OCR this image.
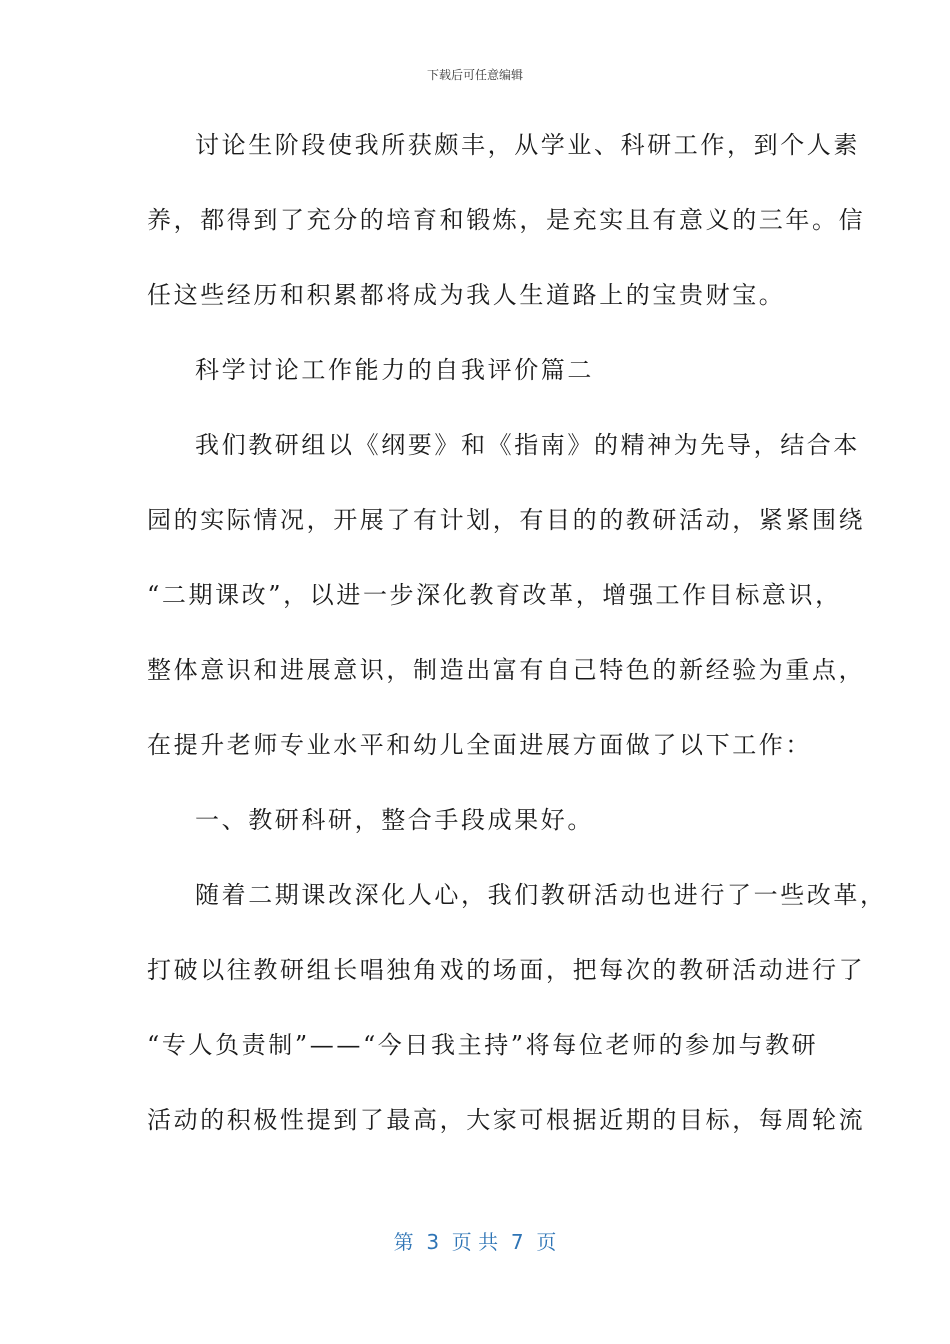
下载后可任意编辑
讨论生阶段使我所获颇丰，从学业、科研工作，到个人素
养，都得到了充分的培育和锻炼，是充实且有意义的三年。信
任这些经历和积累都将成为我人生道路上的宝贵财宝。
科学讨论工作能力的自我评价篇二
我们教研组以《纲要》和《指南》的精神为先导，结合本
园的实际情况，开展了有计划，有目的的教研活动，紧紧围绕
“二期课改”，以进一步深化教育改革，增强工作目标意识，
整体意识和进展意识，制造出富有自己特色的新经验为重点，
在提升老师专业水平和幼儿全面进展方面做了以下工作：
一、教研科研，整合手段成果好。
随着二期课改深化人心，我们教研活动也进行了一些改革，
打破以往教研组长唱独角戏的场面，把每次的教研活动进行了
“专人负责制”——“今日我主持”将每位老师的参加与教研
活动的积极性提到了最高，大家可根据近期的目标，每周轮流
第  3  页 共  7  页
